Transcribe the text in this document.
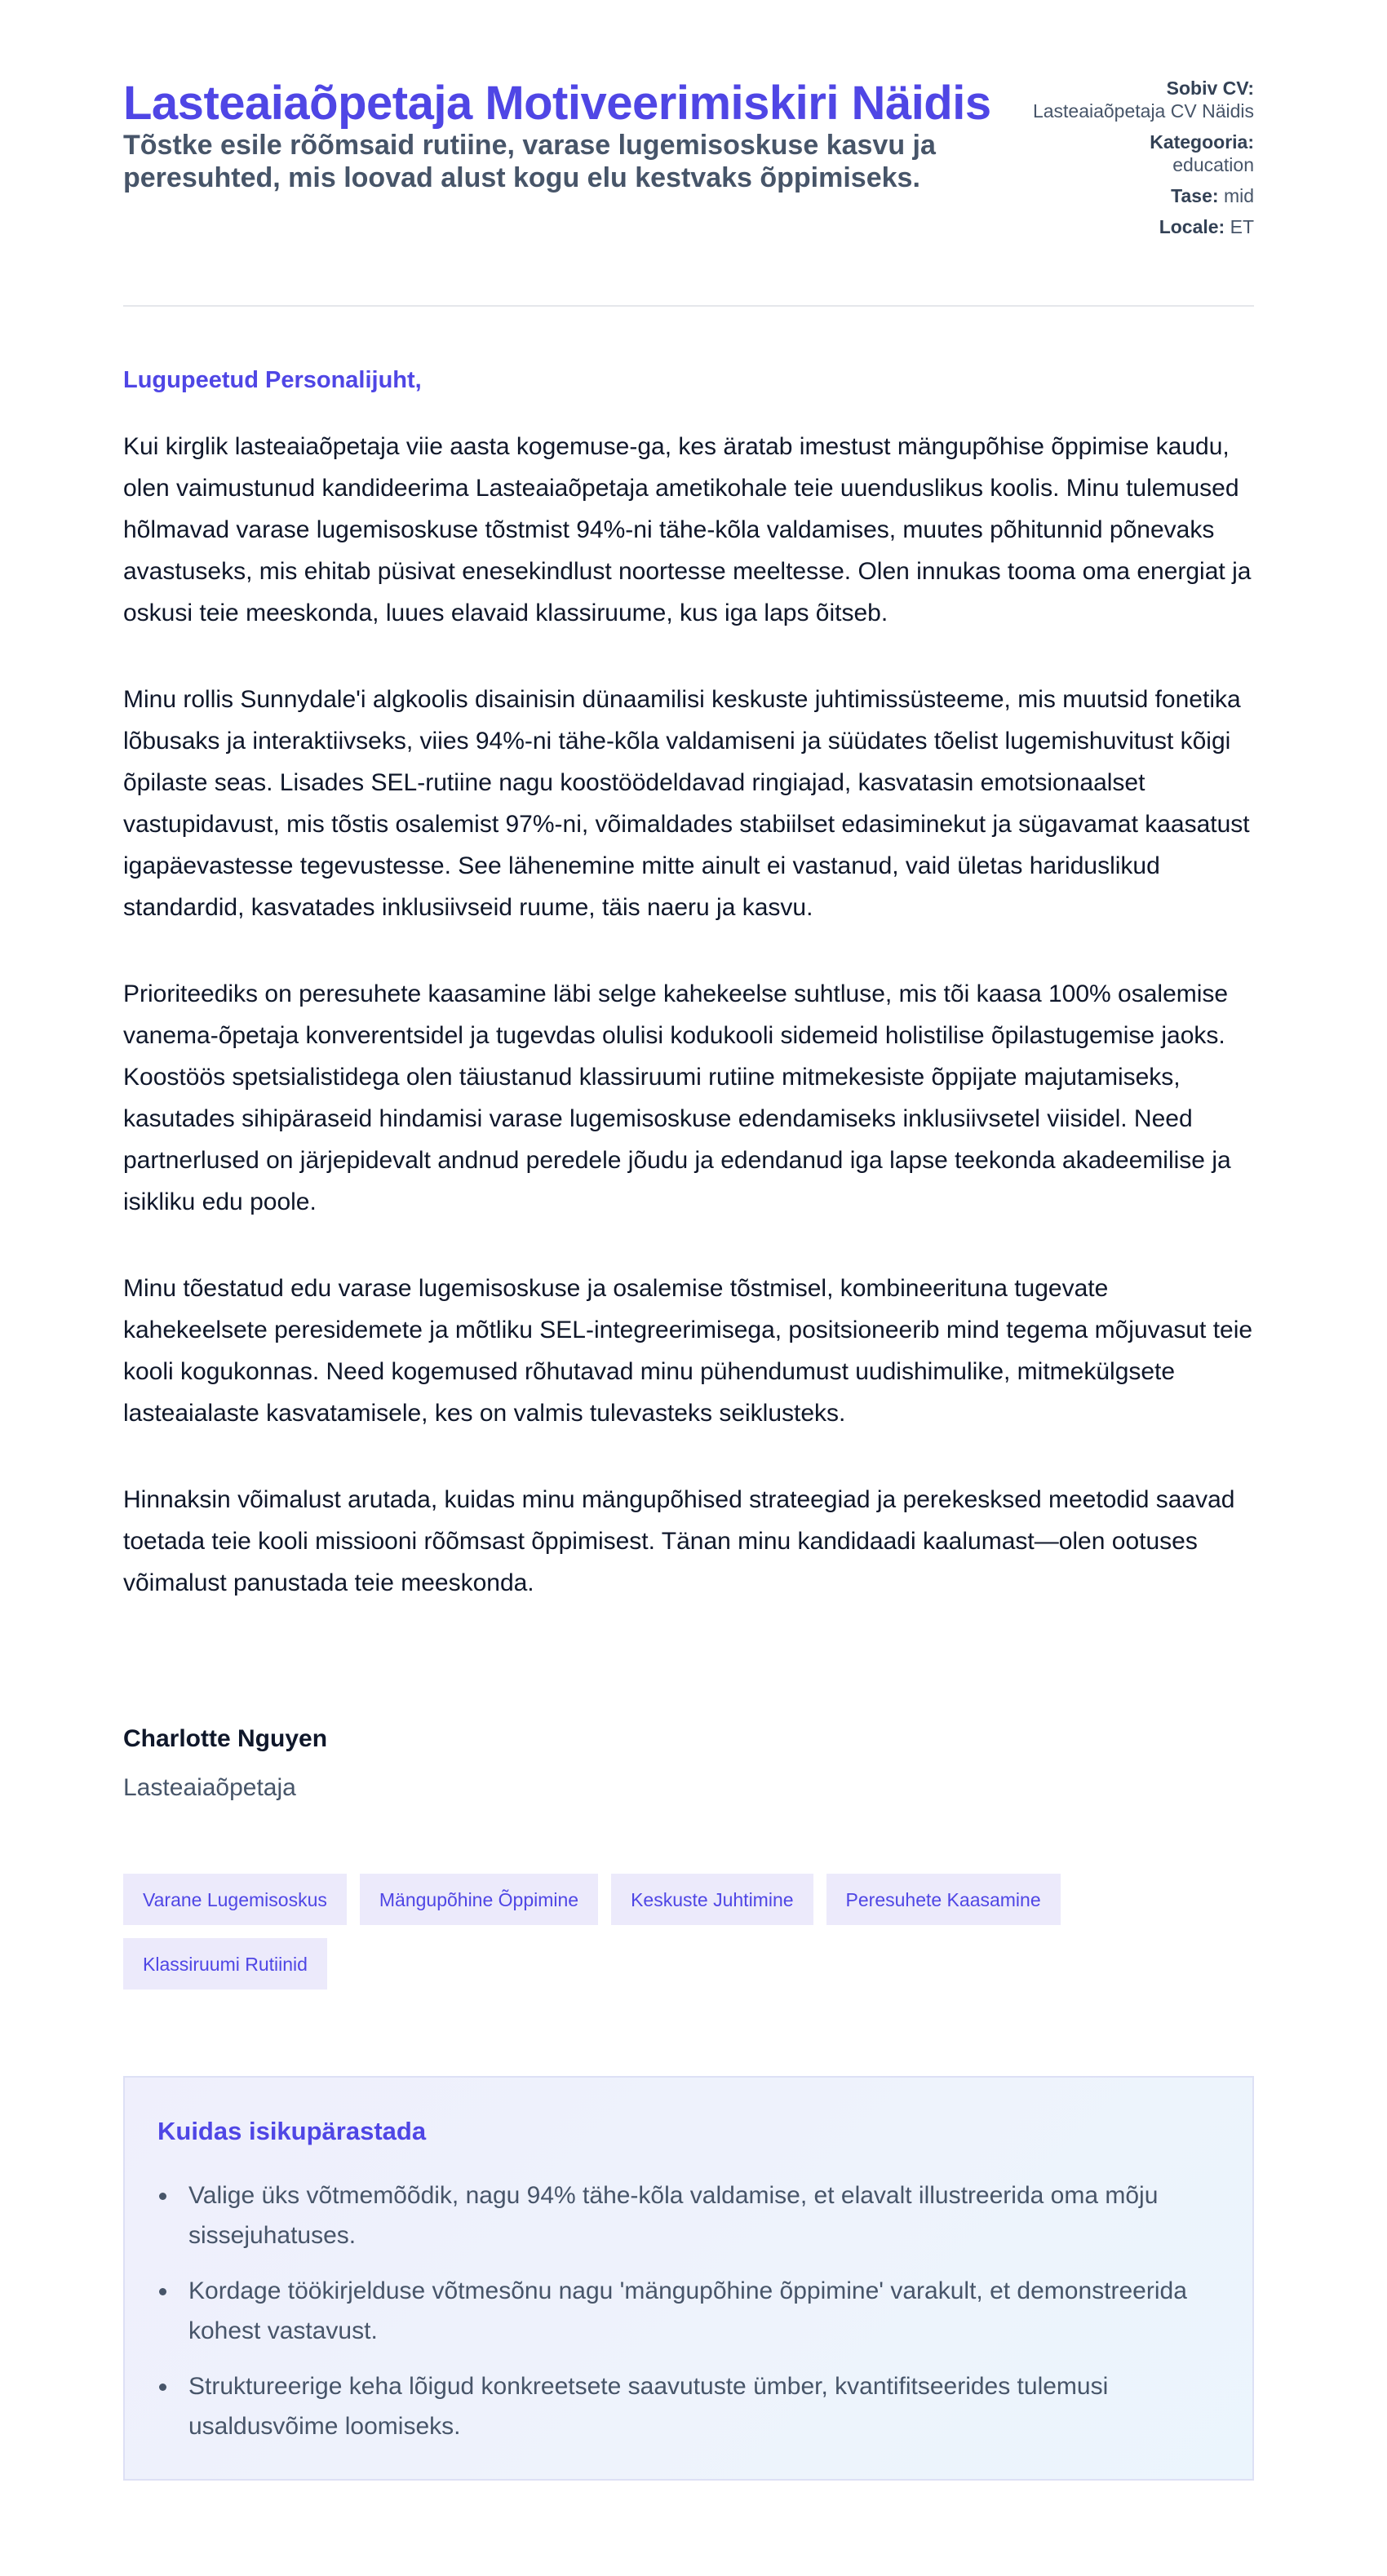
Lasteaiaõpetaja Motiveerimiskiri Näidis
Tõstke esile rõõmsaid rutiine, varase lugemisoskuse kasvu ja peresuhted, mis loovad alust kogu elu kestvaks õppimiseks.
Sobiv CV:
Lasteaiaõpetaja CV Näidis
Kategooria:
education
Tase: mid
Locale: ET
Lugupeetud Personalijuht,

Kui kirglik lasteaiaõpetaja viie aasta kogemuse-ga, kes äratab imestust mängupõhise õppimise kaudu, olen vaimustunud kandideerima Lasteaiaõpetaja ametikohale teie uuenduslikus koolis. Minu tulemused hõlmavad varase lugemisoskuse tõstmist 94%-ni tähe-kõla valdamises, muutes põhitunnid põnevaks avastuseks, mis ehitab püsivat enesekindlust noortesse meeltesse. Olen innukas tooma oma energiat ja oskusi teie meeskonda, luues elavaid klassiruume, kus iga laps õitseb.

Minu rollis Sunnydale'i algkoolis disainisin dünaamilisi keskuste juhtimissüsteeme, mis muutsid fonetika lõbusaks ja interaktiivseks, viies 94%-ni tähe-kõla valdamiseni ja süüdates tõelist lugemishuvitust kõigi õpilaste seas. Lisades SEL-rutiine nagu koostöödeldavad ringiajad, kasvatasin emotsionaalset vastupidavust, mis tõstis osalemist 97%-ni, võimaldades stabiilset edasiminekut ja sügavamat kaasatust igapäevastesse tegevustesse. See lähenemine mitte ainult ei vastanud, vaid ületas hariduslikud standardid, kasvatades inklusiivseid ruume, täis naeru ja kasvu.

Prioriteediks on peresuhete kaasamine läbi selge kahekeelse suhtluse, mis tõi kaasa 100% osalemise vanema-õpetaja konverentsidel ja tugevdas olulisi kodukooli sidemeid holistilise õpilastugemise jaoks. Koostöös spetsialistidega olen täiustanud klassiruumi rutiine mitmekesiste õppijate majutamiseks, kasutades sihipäraseid hindamisi varase lugemisoskuse edendamiseks inklusiivsetel viisidel. Need partnerlused on järjepidevalt andnud peredele jõudu ja edendanud iga lapse teekonda akadeemilise ja isikliku edu poole.

Minu tõestatud edu varase lugemisoskuse ja osalemise tõstmisel, kombineerituna tugevate kahekeelsete peresidemete ja mõtliku SEL-integreerimisega, positsioneerib mind tegema mõjuvasut teie kooli kogukonnas. Need kogemused rõhutavad minu pühendumust uudishimulike, mitmekülgsete lasteaialaste kasvatamisele, kes on valmis tulevasteks seiklusteks.

Hinnaksin võimalust arutada, kuidas minu mängupõhised strateegiad ja perekesksed meetodid saavad toetada teie kooli missiooni rõõmsast õppimisest. Tänan minu kandidaadi kaalumast—olen ootuses võimalust panustada teie meeskonda.

Charlotte Nguyen
Lasteaiaõpetaja
Varane Lugemisoskus	Mängupõhine Õppimine	Keskuste Juhtimine	Peresuhete Kaasamine
Klassiruumi Rutiinid
Kuidas isikupärastada
Valige üks võtmemõõdik, nagu 94% tähe-kõla valdamise, et elavalt illustreerida oma mõju sissejuhatuses.
Kordage töökirjelduse võtmesõnu nagu 'mängupõhine õppimine' varakult, et demonstreerida kohest vastavust.
Struktureerige keha lõigud konkreetsete saavutuste ümber, kvantifitseerides tulemusi usaldusvõime loomiseks.
